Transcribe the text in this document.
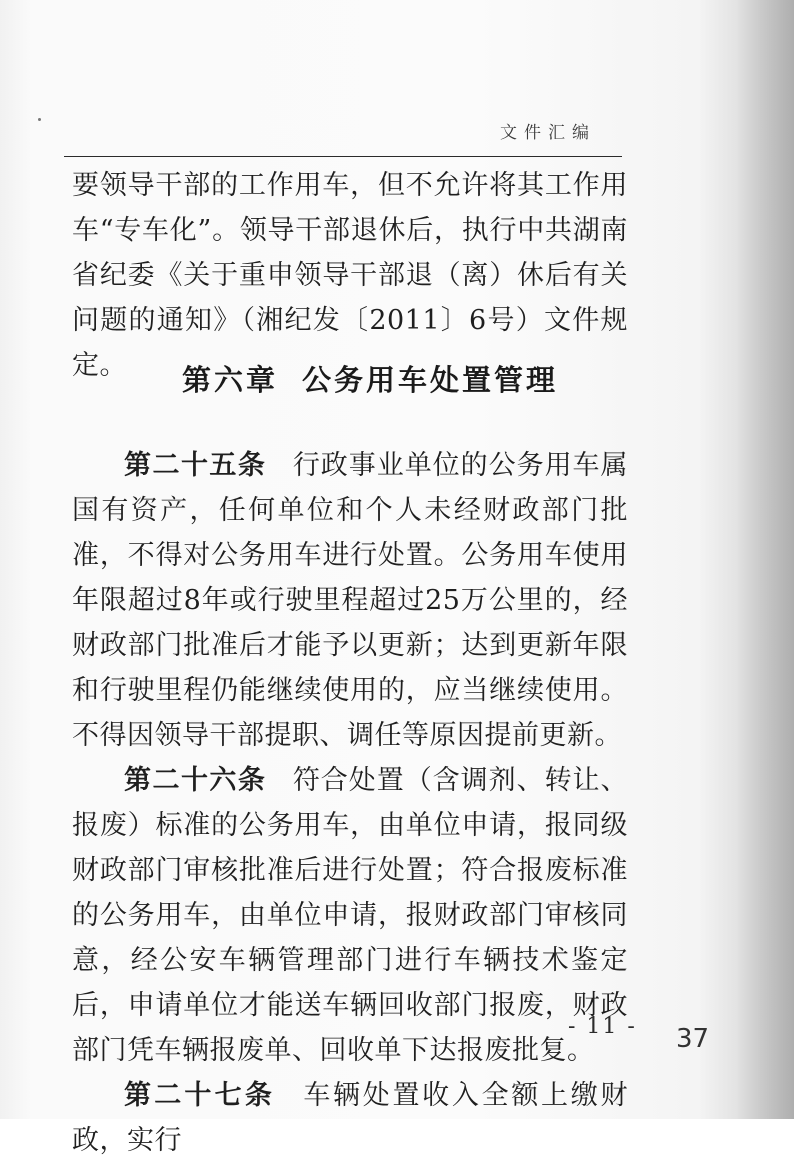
文件汇编

要领导干部的工作用车，但不允许将其工作用车“专车化”。领导干部退休后，执行中共湖南省纪委《关于重申领导干部退（离）休后有关问题的通知》（湘纪发〔2011〕6号）文件规定。	第六章 公务用车处置管理

第二十五条 行政事业单位的公务用车属国有资产，任何单位和个人未经财政部门批准，不得对公务用车进行处置。公务用车使用年限超过8年或行驶里程超过25万公里的，经财政部门批准后才能予以更新；达到更新年限和行驶里程仍能继续使用的，应当继续使用。不得因领导干部提职、调任等原因提前更新。

第二十六条 符合处置（含调剂、转让、报废）标准的公务用车，由单位申请，报同级财政部门审核批准后进行处置；符合报废标准的公务用车，由单位申请，报财政部门审核同意，经公安车辆管理部门进行车辆技术鉴定后，申请单位才能送车辆回收部门报废，财政部门凭车辆报废单、回收单下达报废批复。

第二十七条 车辆处置收入全额上缴财政，实行

- 11 - 37
